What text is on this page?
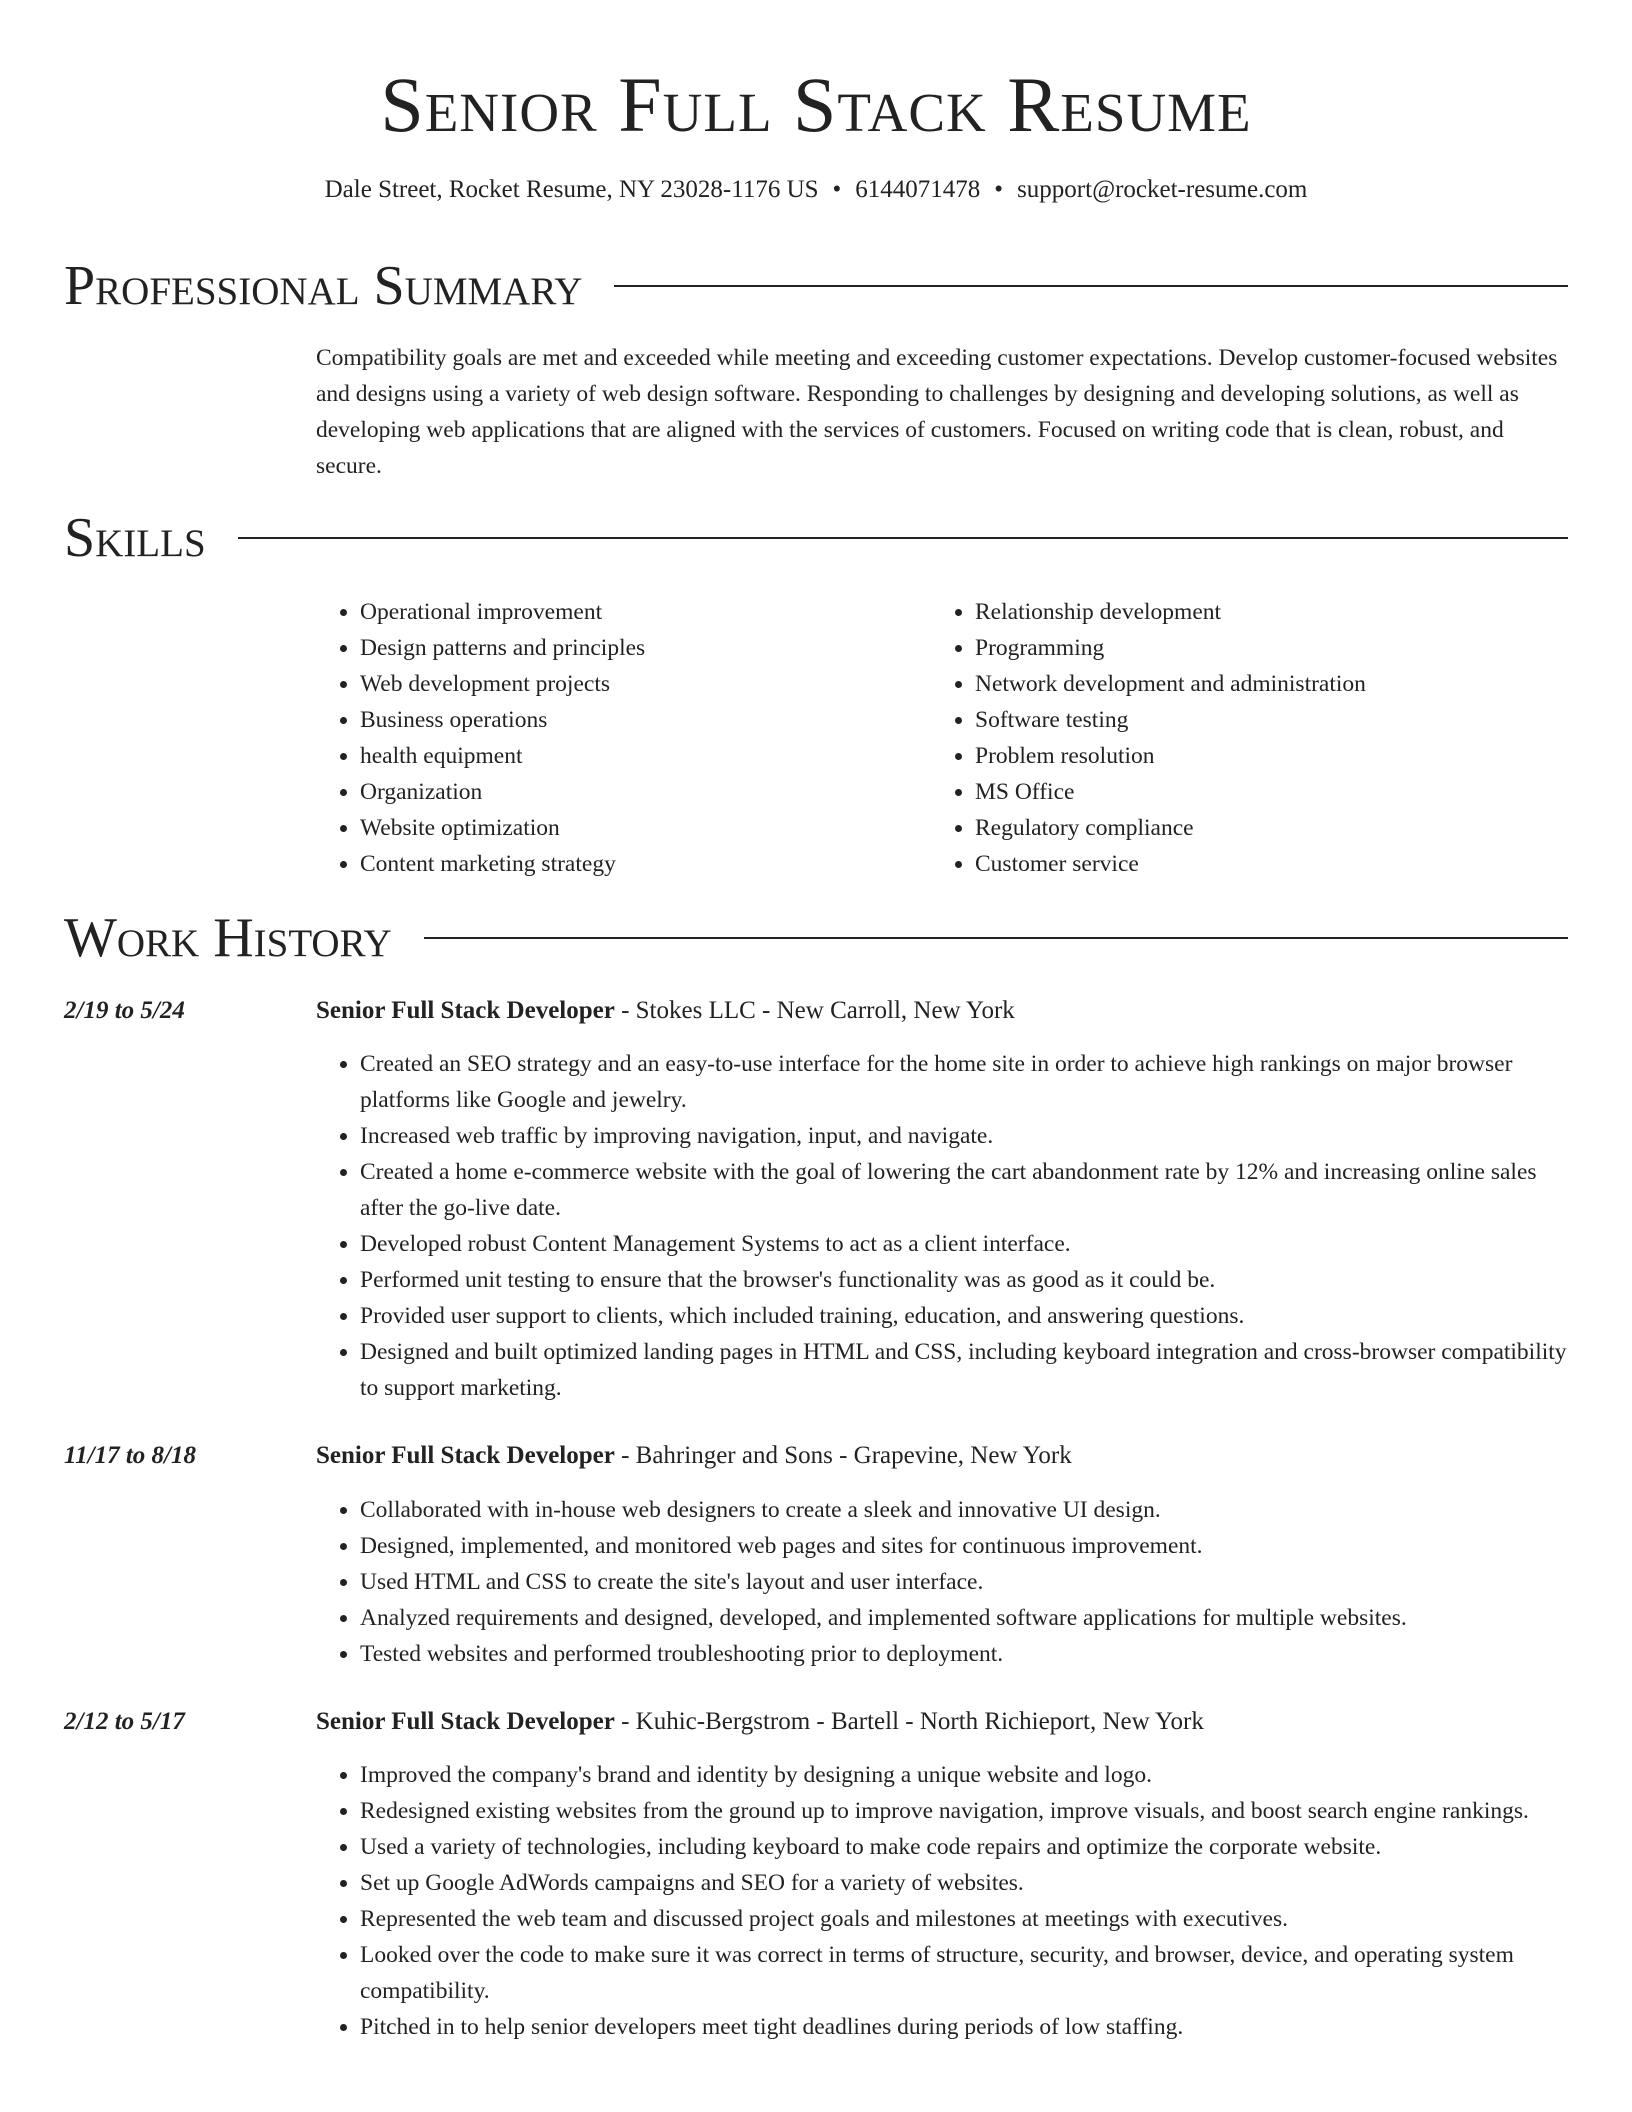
Senior Full Stack Resume
Dale Street, Rocket Resume, NY 23028-1176 US • 6144071478 • support@rocket-resume.com
Professional Summary

Compatibility goals are met and exceeded while meeting and exceeding customer expectations. Develop customer-focused websites and designs using a variety of web design software. Responding to challenges by designing and developing solutions, as well as developing web applications that are aligned with the services of customers. Focused on writing code that is clean, robust, and secure.

Skills
• Operational improvement
• Design patterns and principles
• Web development projects
• Business operations
• health equipment
• Organization
• Website optimization
• Content marketing strategy
• Relationship development
• Programming
• Network development and administration
• Software testing
• Problem resolution
• MS Office
• Regulatory compliance
• Customer service
Work History
2/19 to 5/24	Senior Full Stack Developer - Stokes LLC - New Carroll, New York
• Created an SEO strategy and an easy-to-use interface for the home site in order to achieve high rankings on major browser platforms like Google and jewelry.
• Increased web traffic by improving navigation, input, and navigate.
• Created a home e-commerce website with the goal of lowering the cart abandonment rate by 12% and increasing online sales after the go-live date.
• Developed robust Content Management Systems to act as a client interface.
• Performed unit testing to ensure that the browser's functionality was as good as it could be.
• Provided user support to clients, which included training, education, and answering questions.
• Designed and built optimized landing pages in HTML and CSS, including keyboard integration and cross-browser compatibility to support marketing.
11/17 to 8/18	Senior Full Stack Developer - Bahringer and Sons - Grapevine, New York
• Collaborated with in-house web designers to create a sleek and innovative UI design.
• Designed, implemented, and monitored web pages and sites for continuous improvement.
• Used HTML and CSS to create the site's layout and user interface.
• Analyzed requirements and designed, developed, and implemented software applications for multiple websites.
• Tested websites and performed troubleshooting prior to deployment.
2/12 to 5/17	Senior Full Stack Developer - Kuhic-Bergstrom - Bartell - North Richieport, New York
• Improved the company's brand and identity by designing a unique website and logo.
• Redesigned existing websites from the ground up to improve navigation, improve visuals, and boost search engine rankings.
• Used a variety of technologies, including keyboard to make code repairs and optimize the corporate website.
• Set up Google AdWords campaigns and SEO for a variety of websites.
• Represented the web team and discussed project goals and milestones at meetings with executives.
• Looked over the code to make sure it was correct in terms of structure, security, and browser, device, and operating system compatibility.
• Pitched in to help senior developers meet tight deadlines during periods of low staffing.
